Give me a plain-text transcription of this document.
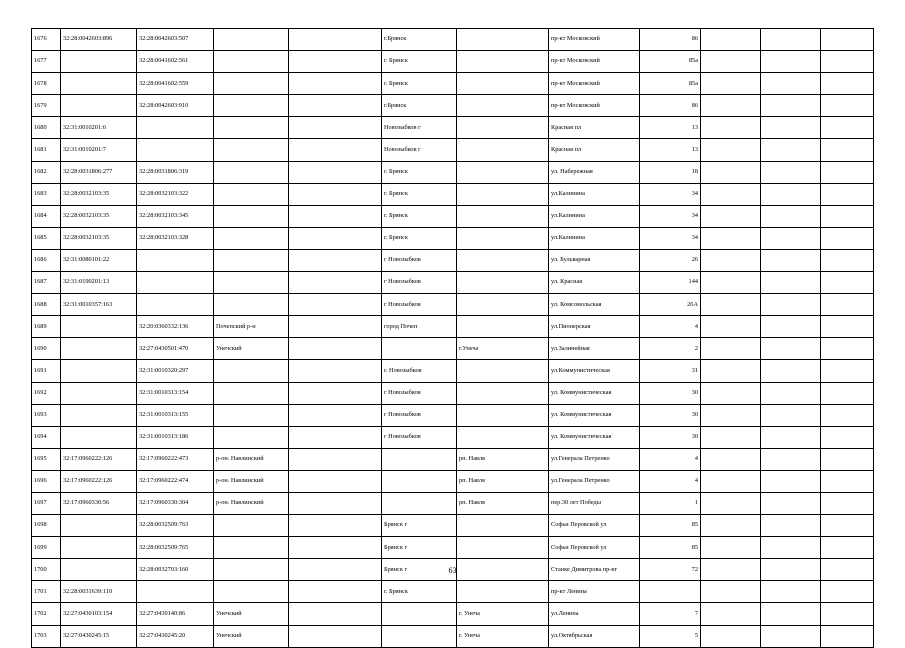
1676	32:28:0042603:896	32:28:0042603:507			г.Брянск		пр-кт Московский	86			
1677		32:28:0041602:561			г. Брянск		пр-кт Московский	85а			
1678		32:28:0041602:559			г. Брянск		пр-кт Московский	85а			
1679		32:28:0042603:910			г.Брянск		пр-кт Московский	86			
1680	32:31:0010201:6				Новозыбков г		Красная пл	13			
1681	32:31:0010201:7				Новозыбков г		Красная пл	13			
1682	32:28:0031806:277	32:28:0031806:319			г. Брянск		ул. Набережная	18			
1683	32:28:0032103:35	32:28:0032103:322			г. Брянск		ул.Калинина	34			
1684	32:28:0032103:35	32:28:0032103:345			г. Брянск		ул.Калинина	34			
1685	32:28:0032103:35	32:28:0032103:328			г. Брянск		ул.Калинина	34			
1686	32:31:0080101:22				г Новозыбков		ул. Бульварная	26			
1687	32:31:0190201:13				г Новозыбков		ул. Красная	144			
1688	32:31:0010357:163				г Новозыбков		ул. Комсомольская	26А			
1689		32:20:0360332:136	Почепский р-н		город Почеп		ул.Пионерская	4			
1690		32:27:0430501:470	Унечский			г.Унеча	ул.Залинейная	2			
1691		32:31:0010320:297			г. Новозыбков		ул.Коммунистическая	31			
1692		32:31:0010313:154			г Новозыбков		ул. Коммунистическая	30			
1693		32:31:0010313:155			г Новозыбков		ул. Коммунистическая	30			
1694		32:31:0010313:186			г Новозыбков		ул. Коммунистическая	30			
1695	32:17:0960222:126	32:17:0960222:473	р-он. Навлинский			рп. Навля	ул.Генерала Петренко	4			
1696	32:17:0960222:126	32:17:0960222:474	р-он. Навлинский			рп. Навля	ул.Генерала Петренко	4			
1697	32:17:0960330:56	32:17:0960330:304	р-он. Навлинский			рп. Навля	пер.30 лет Победы	1			
1698		32:28:0032509:763			Брянск г		Софьи Перовской ул	85			
1699		32:28:0032509:765			Брянск г		Софьи Перовской ул	85			
1700		32:28:0032703:160			Брянск г		Станке Димитрова пр-кт	72			
1701	32:28:0031639:110				г. Брянск		пр-кт Ленина				
1702	32:27:0430103:154	32:27:0430140:86	Унечский			г. Унеча	ул.Ленина	7			
1703	32:27:0430245:15	32:27:0430245:20	Унечский			г. Унеча	ул.Октябрьская	5			
63
